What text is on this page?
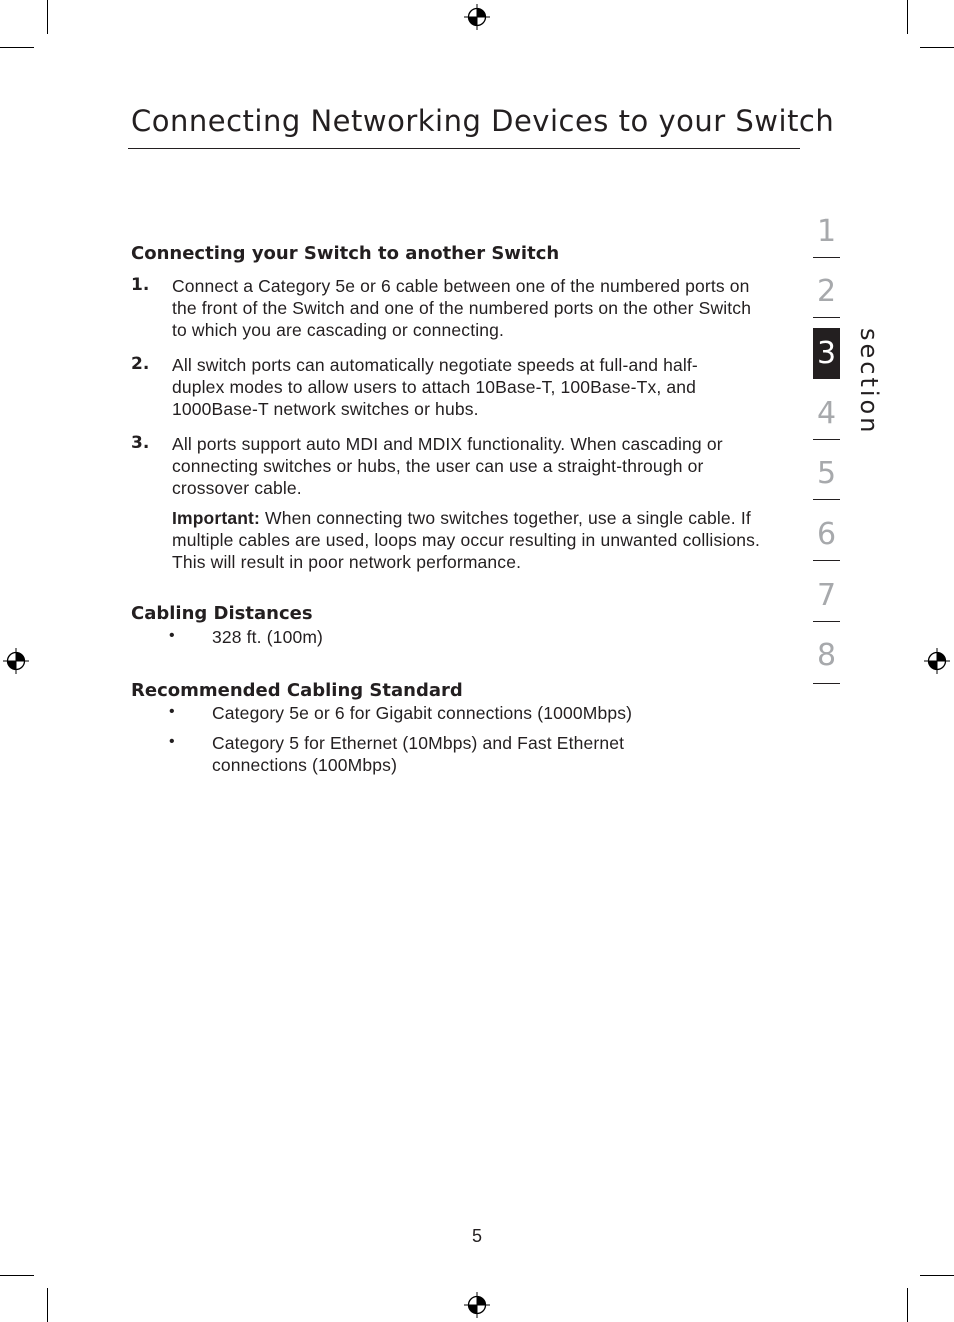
Connecting Networking Devices to your Switch
1
2
3
4
5
6
7
8
section
Connecting your Switch to another Switch
1. Connect a Category 5e or 6 cable between one of the numbered ports on the front of the Switch and one of the numbered ports on the other Switch to which you are cascading or connecting.
2. All switch ports can automatically negotiate speeds at full-and half-duplex modes to allow users to attach 10Base-T, 100Base-Tx, and 1000Base-T network switches or hubs.
3. All ports support auto MDI and MDIX functionality. When cascading or connecting switches or hubs, the user can use a straight-through or crossover cable.
Important: When connecting two switches together, use a single cable. If multiple cables are used, loops may occur resulting in unwanted collisions. This will result in poor network performance.
Cabling Distances
• 328 ft. (100m)
Recommended Cabling Standard
• Category 5e or 6 for Gigabit connections (1000Mbps)
• Category 5 for Ethernet (10Mbps) and Fast Ethernet connections (100Mbps)
5
